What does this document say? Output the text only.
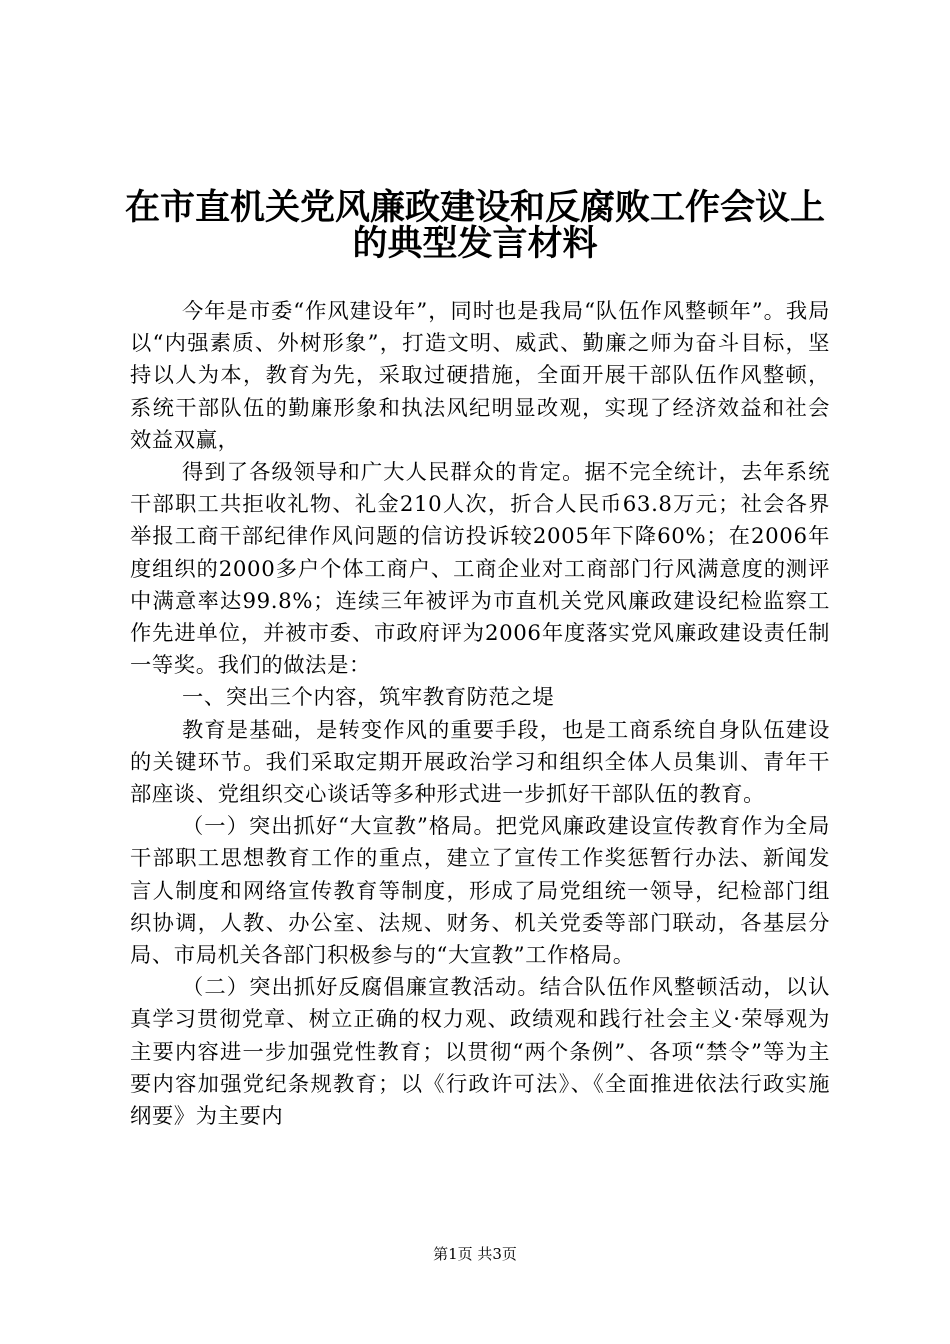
在市直机关党风廉政建设和反腐败工作会议上
的典型发言材料

今年是市委“作风建设年”，同时也是我局“队伍作风整顿年”。我局以“内强素质、外树形象”，打造文明、威武、勤廉之师为奋斗目标，坚持以人为本，教育为先，采取过硬措施，全面开展干部队伍作风整顿，系统干部队伍的勤廉形象和执法风纪明显改观，实现了经济效益和社会效益双赢，

得到了各级领导和广大人民群众的肯定。据不完全统计，去年系统干部职工共拒收礼物、礼金210人次，折合人民币63.8万元；社会各界举报工商干部纪律作风问题的信访投诉较2005年下降60%；在2006年度组织的2000多户个体工商户、工商企业对工商部门行风满意度的测评中满意率达99.8%；连续三年被评为市直机关党风廉政建设纪检监察工作先进单位，并被市委、市政府评为2006年度落实党风廉政建设责任制一等奖。我们的做法是：

一、突出三个内容，筑牢教育防范之堤

教育是基础，是转变作风的重要手段，也是工商系统自身队伍建设的关键环节。我们采取定期开展政治学习和组织全体人员集训、青年干部座谈、党组织交心谈话等多种形式进一步抓好干部队伍的教育。

（一）突出抓好“大宣教”格局。把党风廉政建设宣传教育作为全局干部职工思想教育工作的重点，建立了宣传工作奖惩暂行办法、新闻发言人制度和网络宣传教育等制度，形成了局党组统一领导，纪检部门组织协调，人教、办公室、法规、财务、机关党委等部门联动，各基层分局、市局机关各部门积极参与的“大宣教”工作格局。

（二）突出抓好反腐倡廉宣教活动。结合队伍作风整顿活动，以认真学习贯彻党章、树立正确的权力观、政绩观和践行社会主义·荣辱观为主要内容进一步加强党性教育；以贯彻“两个条例”、各项“禁令”等为主要内容加强党纪条规教育；以《行政许可法》、《全面推进依法行政实施纲要》为主要内

第1页 共3页
